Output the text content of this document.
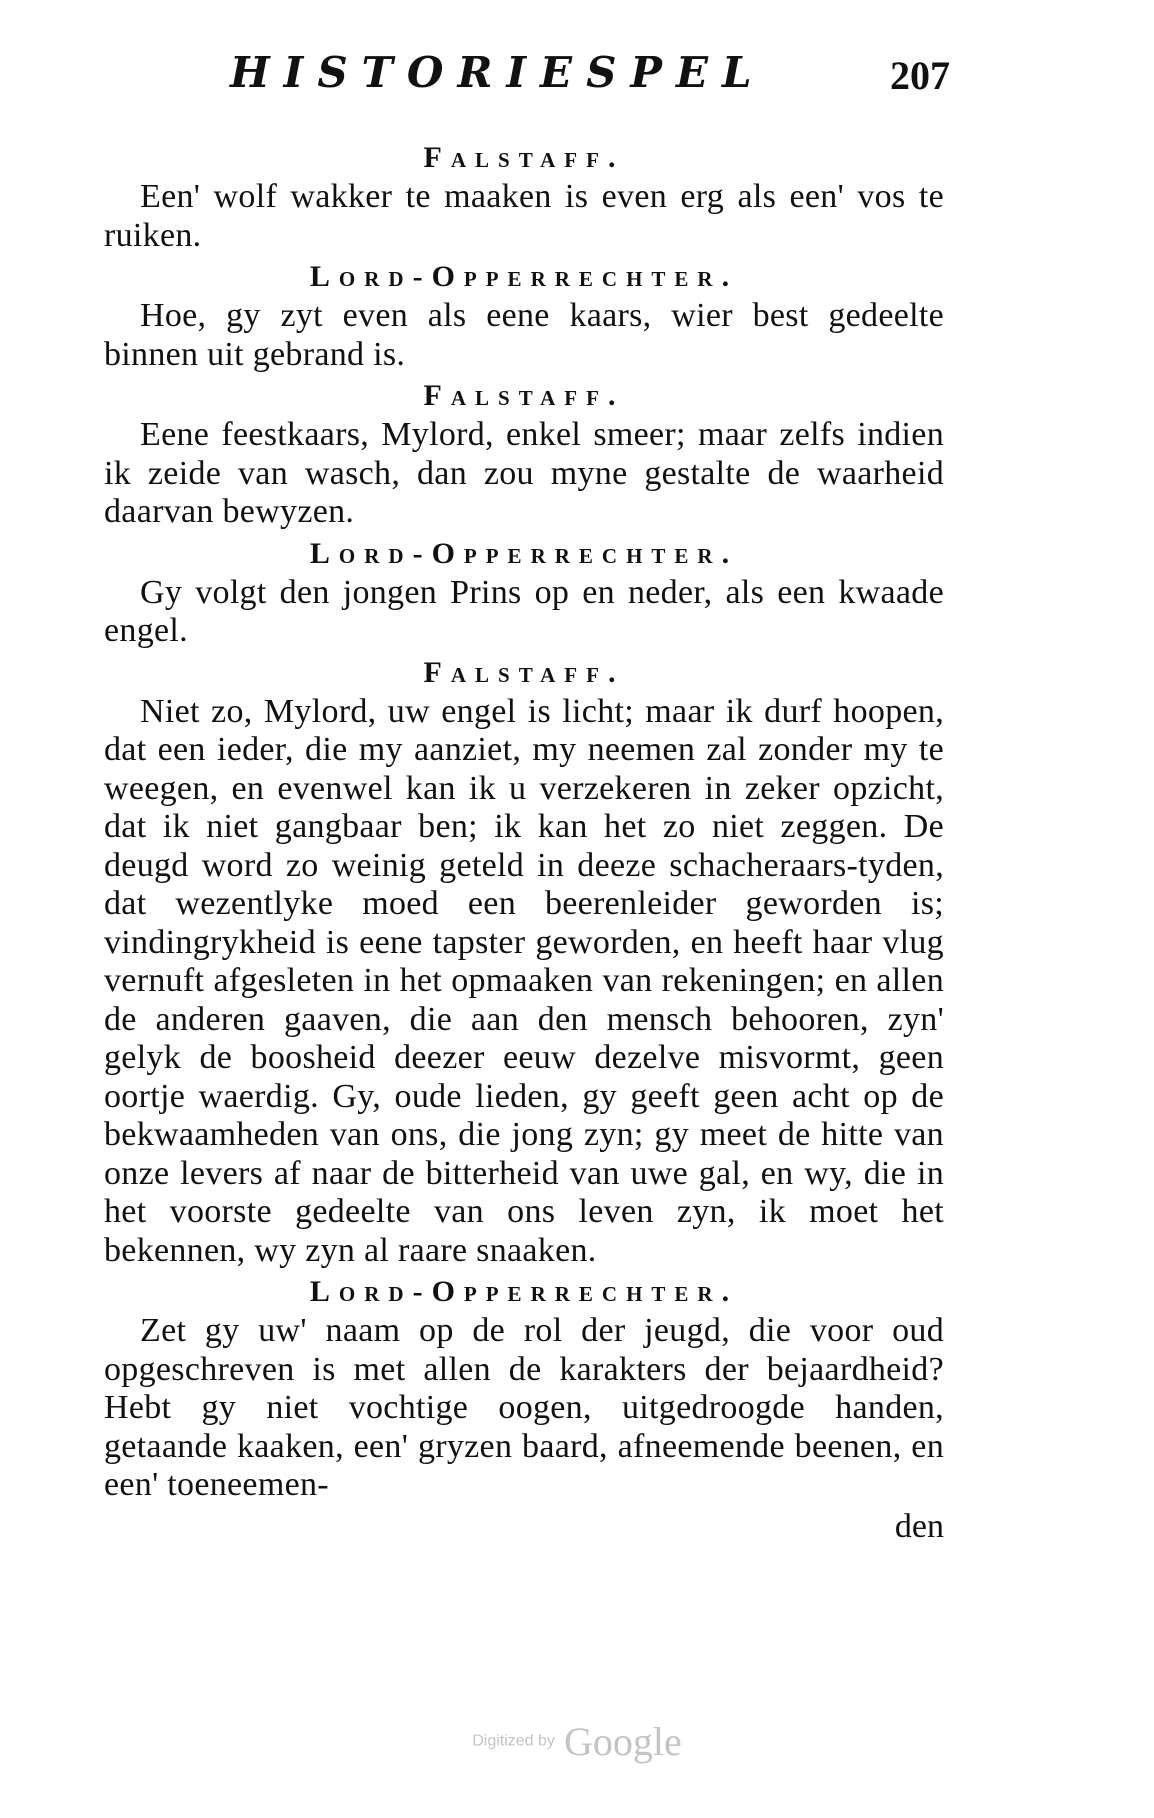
HISTORIESPEL	207
Falstaff.

Een' wolf wakker te maaken is even erg als een' vos te ruiken.

Lord-Opperrechter.

Hoe, gy zyt even als eene kaars, wier best gedeelte binnen uit gebrand is.

Falstaff.

Eene feestkaars, Mylord, enkel smeer; maar zelfs indien ik zeide van wasch, dan zou myne gestalte de waarheid daarvan bewyzen.

Lord-Opperrechter.

Gy volgt den jongen Prins op en neder, als een kwaade engel.

Falstaff.

Niet zo, Mylord, uw engel is licht; maar ik durf hoopen, dat een ieder, die my aanziet, my neemen zal zonder my te weegen, en evenwel kan ik u verzekeren in zeker opzicht, dat ik niet gangbaar ben; ik kan het zo niet zeggen. De deugd word zo weinig geteld in deeze schacheraars-tyden, dat wezentlyke moed een beerenleider geworden is; vindingrykheid is eene tapster geworden, en heeft haar vlug vernuft afgesleten in het opmaaken van rekeningen; en allen de anderen gaaven, die aan den mensch behooren, zyn' gelyk de boosheid deezer eeuw dezelve misvormt, geen oortje waerdig. Gy, oude lieden, gy geeft geen acht op de bekwaamheden van ons, die jong zyn; gy meet de hitte van onze levers af naar de bitterheid van uwe gal, en wy, die in het voorste gedeelte van ons leven zyn, ik moet het bekennen, wy zyn al raare snaaken.

Lord-Opperrechter.

Zet gy uw' naam op de rol der jeugd, die voor oud opgeschreven is met allen de karakters der bejaardheid? Hebt gy niet vochtige oogen, uitgedroogde handen, getaande kaaken, een' gryzen baard, afneemende beenen, en een' toeneemen-

den
Digitized by Google
